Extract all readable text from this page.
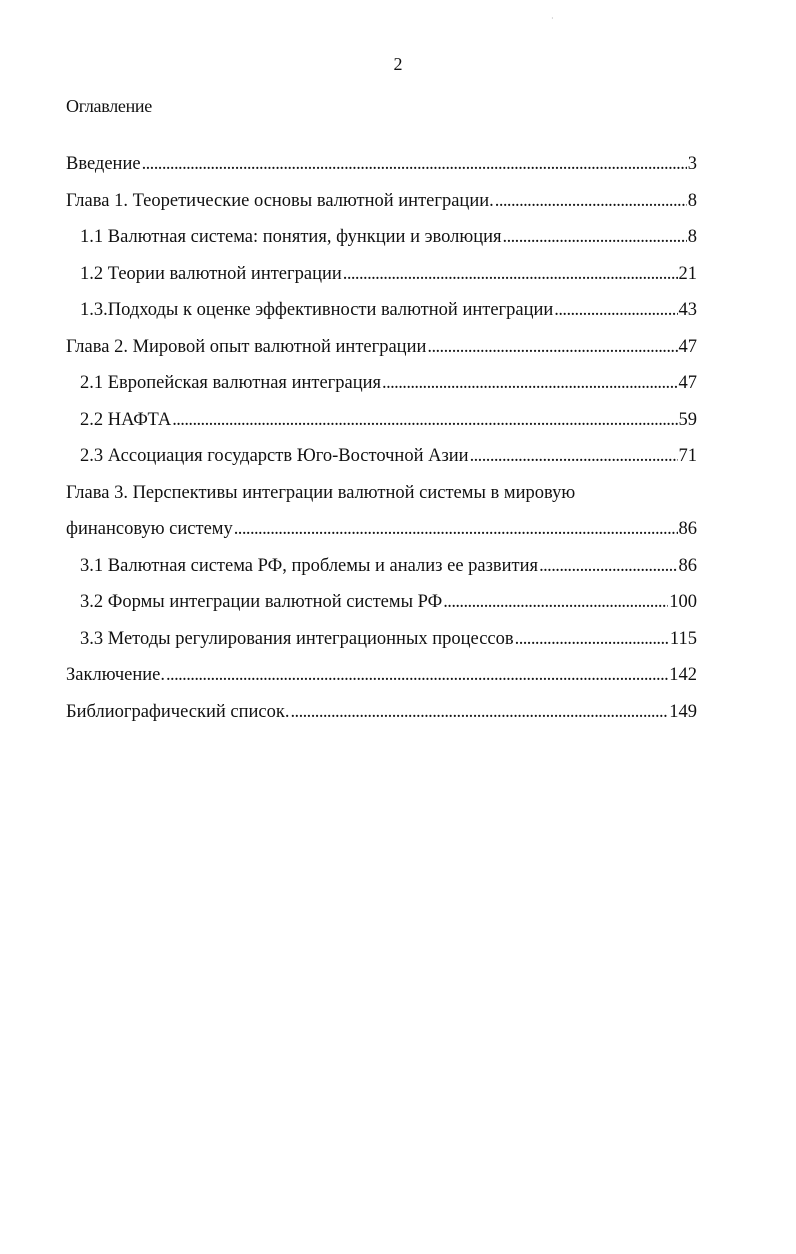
·
2
Оглавление
Введение . . .	3
Глава 1. Теоретические основы валютной интеграции. . . .	8
1.1 Валютная система: понятия, функции и эволюция . . .	8
1.2 Теории валютной интеграции . . .	21
1.3.Подходы к оценке эффективности валютной интеграции . . .	43
Глава 2. Мировой опыт валютной интеграции . . .	47
2.1 Европейская валютная интеграция . . .	47
2.2 НАФТА . . .	59
2.3 Ассоциация государств Юго-Восточной Азии . . .	71
Глава 3. Перспективы интеграции валютной системы в мировую
финансовую систему . . .	86
3.1 Валютная система РФ, проблемы и анализ ее развития . . .	86
3.2 Формы интеграции валютной системы РФ . . .	100
3.3 Методы регулирования интеграционных процессов . . .	115
Заключение. . . .	142
Библиографический список. . . .	149
